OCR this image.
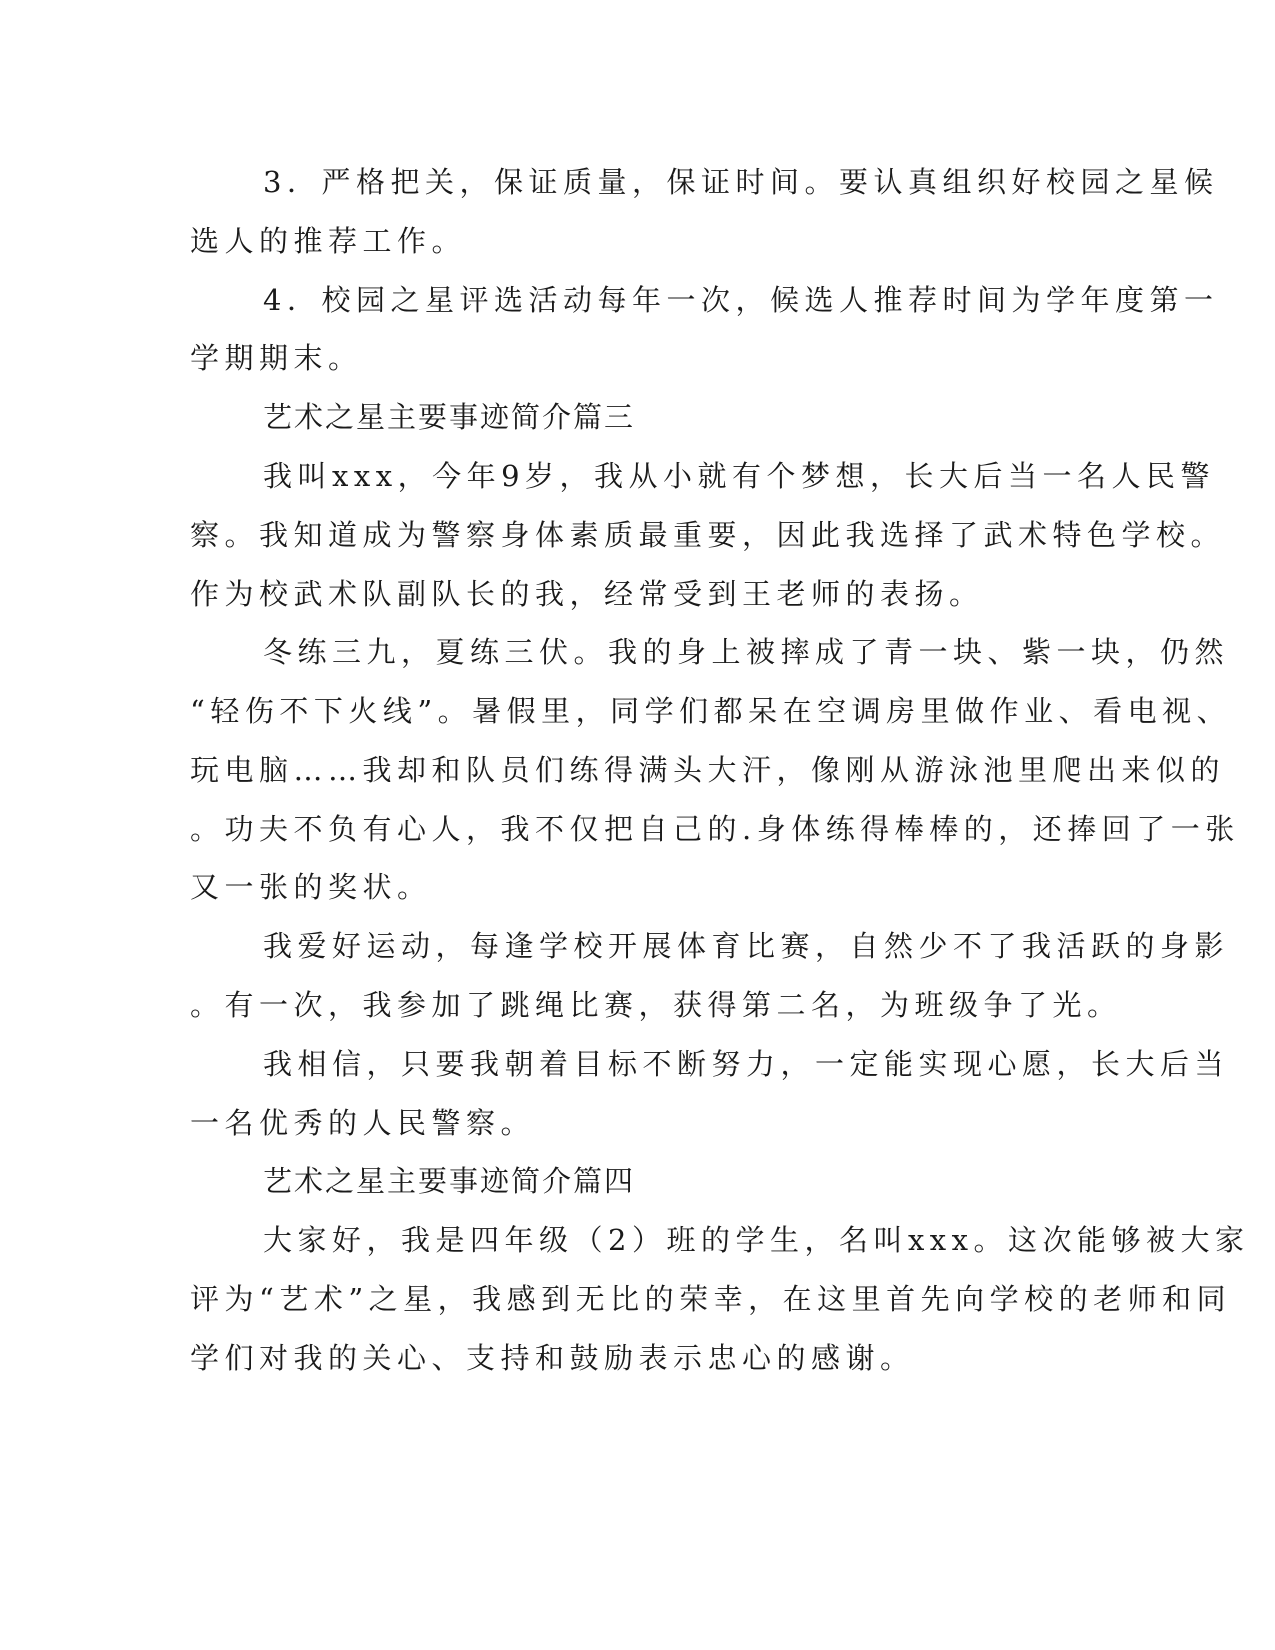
3．严格把关，保证质量，保证时间。要认真组织好校园之星候

选人的推荐工作。

4．校园之星评选活动每年一次，候选人推荐时间为学年度第一

学期期末。

艺术之星主要事迹简介篇三

我叫xxx，今年9岁，我从小就有个梦想，长大后当一名人民警

察。我知道成为警察身体素质最重要，因此我选择了武术特色学校。

作为校武术队副队长的我，经常受到王老师的表扬。

冬练三九，夏练三伏。我的身上被摔成了青一块、紫一块，仍然

“轻伤不下火线”。暑假里，同学们都呆在空调房里做作业、看电视、

玩电脑……我却和队员们练得满头大汗，像刚从游泳池里爬出来似的

。功夫不负有心人，我不仅把自己的.身体练得棒棒的，还捧回了一张

又一张的奖状。

我爱好运动，每逢学校开展体育比赛，自然少不了我活跃的身影

。有一次，我参加了跳绳比赛，获得第二名，为班级争了光。

我相信，只要我朝着目标不断努力，一定能实现心愿，长大后当

一名优秀的人民警察。

艺术之星主要事迹简介篇四

大家好，我是四年级（2）班的学生，名叫xxx。这次能够被大家

评为“艺术”之星，我感到无比的荣幸，在这里首先向学校的老师和同

学们对我的关心、支持和鼓励表示忠心的感谢。
